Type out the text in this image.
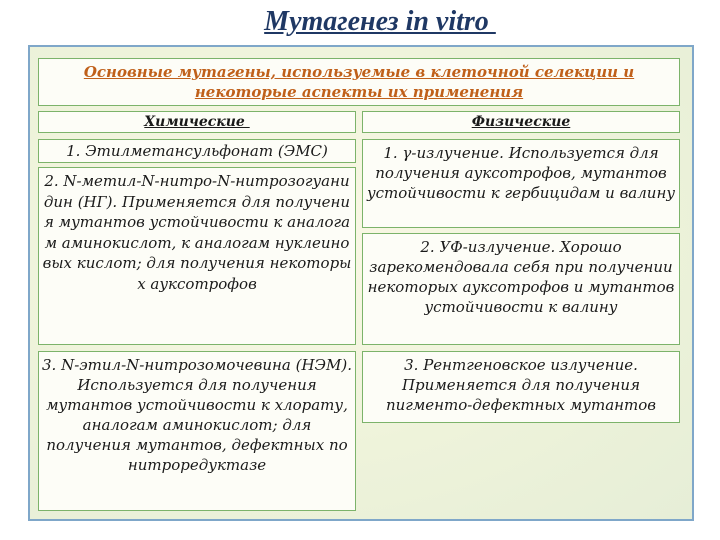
Мутагенез in vitro
Основные мутагены, используемые в клеточной селекции и некоторые аспекты их применения
Химические	Физические
1. Этилметансульфонат (ЭМС)
2. N-метил-N-нитро-N-нитрозогуанидин (НГ). Применяется для получения мутантов устойчивости к аналогам аминокислот, к аналогам нуклеиновых кислот; для получения некоторых ауксотрофов
3. N-этил-N-нитрозомочевина (НЭМ). Используется для получения мутантов устойчивости к хлорату, аналогам аминокислот; для получения мутантов, дефектных по нитроредуктазе
1. γ-излучение. Используется для получения ауксотрофов, мутантов устойчивости к гербицидам и валину
2. УФ-излучение. Хорошо зарекомендовала себя при получении некоторых ауксотрофов и мутантов устойчивости к валину
3. Рентгеновское излучение. Применяется для получения пигменто-дефектных мутантов
